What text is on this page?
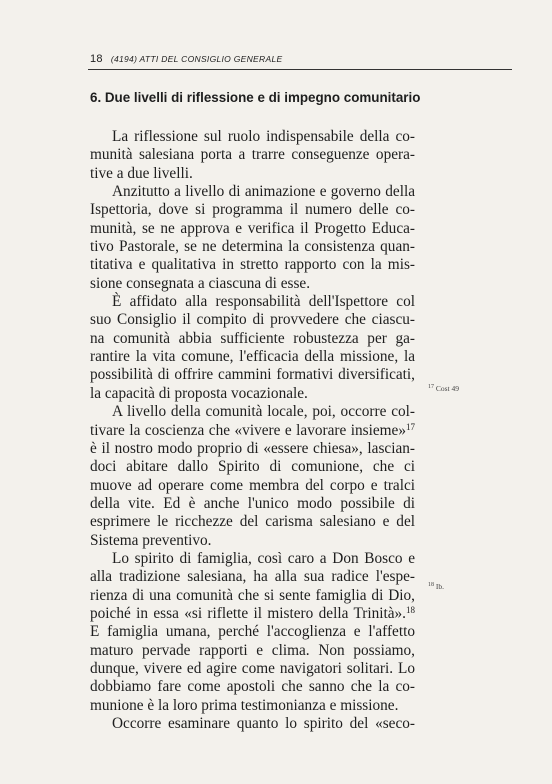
18 (4194) ATTI DEL CONSIGLIO GENERALE
6. Due livelli di riflessione e di impegno comunitario
La riflessione sul ruolo indispensabile della co-
munità salesiana porta a trarre conseguenze opera-
tive a due livelli.
Anzitutto a livello di animazione e governo della
Ispettoria, dove si programma il numero delle co-
munità, se ne approva e verifica il Progetto Educa-
tivo Pastorale, se ne determina la consistenza quan-
titativa e qualitativa in stretto rapporto con la mis-
sione consegnata a ciascuna di esse.
È affidato alla responsabilità dell'Ispettore col
suo Consiglio il compito di provvedere che ciascu-
na comunità abbia sufficiente robustezza per ga-
rantire la vita comune, l'efficacia della missione, la
possibilità di offrire cammini formativi diversificati,
la capacità di proposta vocazionale.
A livello della comunità locale, poi, occorre col-
tivare la coscienza che «vivere e lavorare insieme»$^{17}$
è il nostro modo proprio di «essere chiesa», lascian-
doci abitare dallo Spirito di comunione, che ci
muove ad operare come membra del corpo e tralci
della vite. Ed è anche l'unico modo possibile di
esprimere le ricchezze del carisma salesiano e del
Sistema preventivo.
Lo spirito di famiglia, così caro a Don Bosco e
alla tradizione salesiana, ha alla sua radice l'espe-
rienza di una comunità che si sente famiglia di Dio,
poiché in essa «si riflette il mistero della Trinità».$^{18}$
E famiglia umana, perché l'accoglienza e l'affetto
maturo pervade rapporti e clima. Non possiamo,
dunque, vivere ed agire come navigatori solitari. Lo
dobbiamo fare come apostoli che sanno che la co-
munione è la loro prima testimonianza e missione.
Occorre esaminare quanto lo spirito del «seco-
$^{17}$ Cost 49
$^{18}$ Ib.
